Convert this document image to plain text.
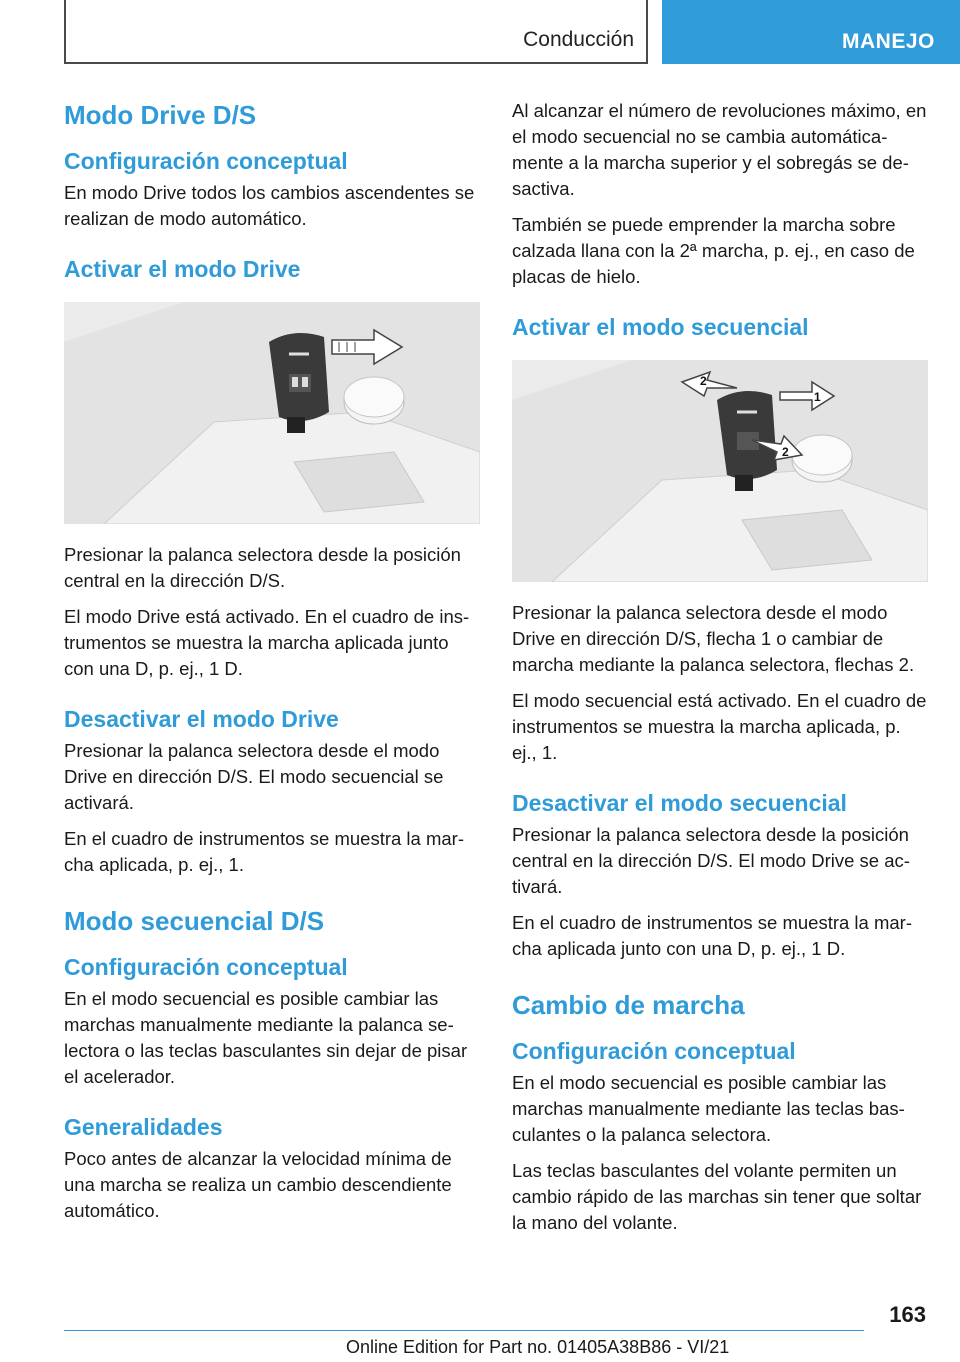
Conducción	MANEJO
Modo Drive D/S
Configuración conceptual

En modo Drive todos los cambios ascendentes se realizan de modo automático.

Activar el modo Drive

Presionar la palanca selectora desde la posición central en la dirección D/S.

El modo Drive está activado. En el cuadro de instrumentos se muestra la marcha aplicada junto con una D, p. ej., 1 D.

Desactivar el modo Drive

Presionar la palanca selectora desde el modo Drive en dirección D/S. El modo secuencial se activará.

En el cuadro de instrumentos se muestra la marcha aplicada, p. ej., 1.

Modo secuencial D/S
Configuración conceptual

En el modo secuencial es posible cambiar las marchas manualmente mediante la palanca selectora o las teclas basculantes sin dejar de pisar el acelerador.

Generalidades

Poco antes de alcanzar la velocidad mínima de una marcha se realiza un cambio descendiente automático.

Al alcanzar el número de revoluciones máximo, en el modo secuencial no se cambia automáticamente a la marcha superior y el sobregás se desactiva.

También se puede emprender la marcha sobre calzada llana con la 2ª marcha, p. ej., en caso de placas de hielo.

Activar el modo secuencial
1
2
2

Presionar la palanca selectora desde el modo Drive en dirección D/S, flecha 1 o cambiar de marcha mediante la palanca selectora, flechas 2.

El modo secuencial está activado. En el cuadro de instrumentos se muestra la marcha aplicada, p. ej., 1.

Desactivar el modo secuencial

Presionar la palanca selectora desde la posición central en la dirección D/S. El modo Drive se activará.

En el cuadro de instrumentos se muestra la marcha aplicada junto con una D, p. ej., 1 D.

Cambio de marcha
Configuración conceptual

En el modo secuencial es posible cambiar las marchas manualmente mediante las teclas basculantes o la palanca selectora.

Las teclas basculantes del volante permiten un cambio rápido de las marchas sin tener que soltar la mano del volante.

163
Online Edition for Part no. 01405A38B86 - VI/21
